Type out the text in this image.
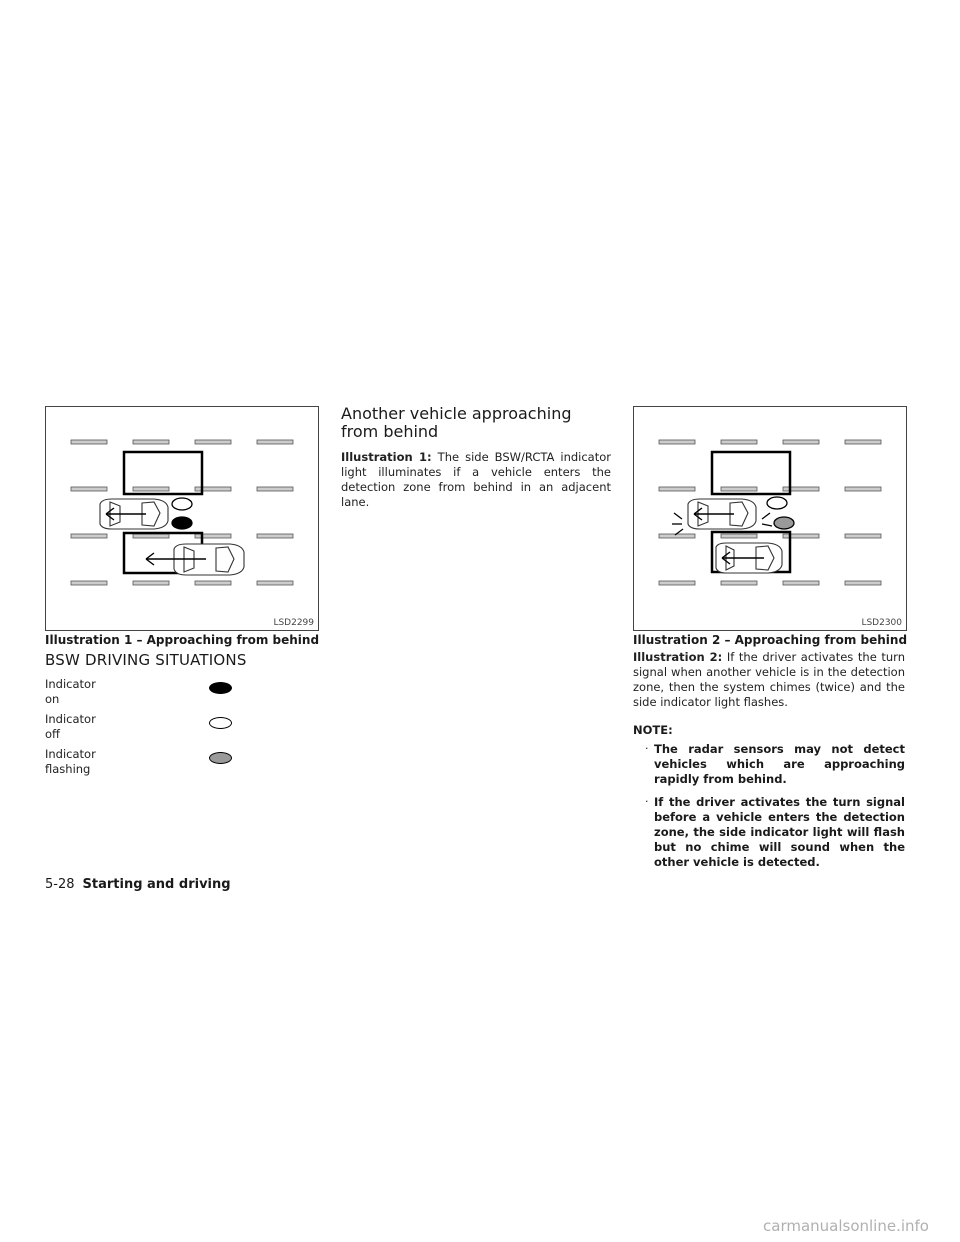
LSD2299
Illustration 1 – Approaching from behind
BSW DRIVING SITUATIONS
Indicator
on
Indicator
off
Indicator
flashing
Another vehicle approaching
from behind
Illustration 1: The side BSW/RCTA indicator light illuminates if a vehicle enters the detection zone from behind in an adjacent lane.
LSD2300
Illustration 2 – Approaching from behind
Illustration 2: If the driver activates the turn signal when another vehicle is in the detection zone, then the system chimes (twice) and the side indicator light flashes.
NOTE:
· The radar sensors may not detect vehicles which are approaching rapidly from behind.
· If the driver activates the turn signal before a vehicle enters the detection zone, the side indicator light will flash but no chime will sound when the other vehicle is detected.
5-28 Starting and driving
carmanualsonline.info
